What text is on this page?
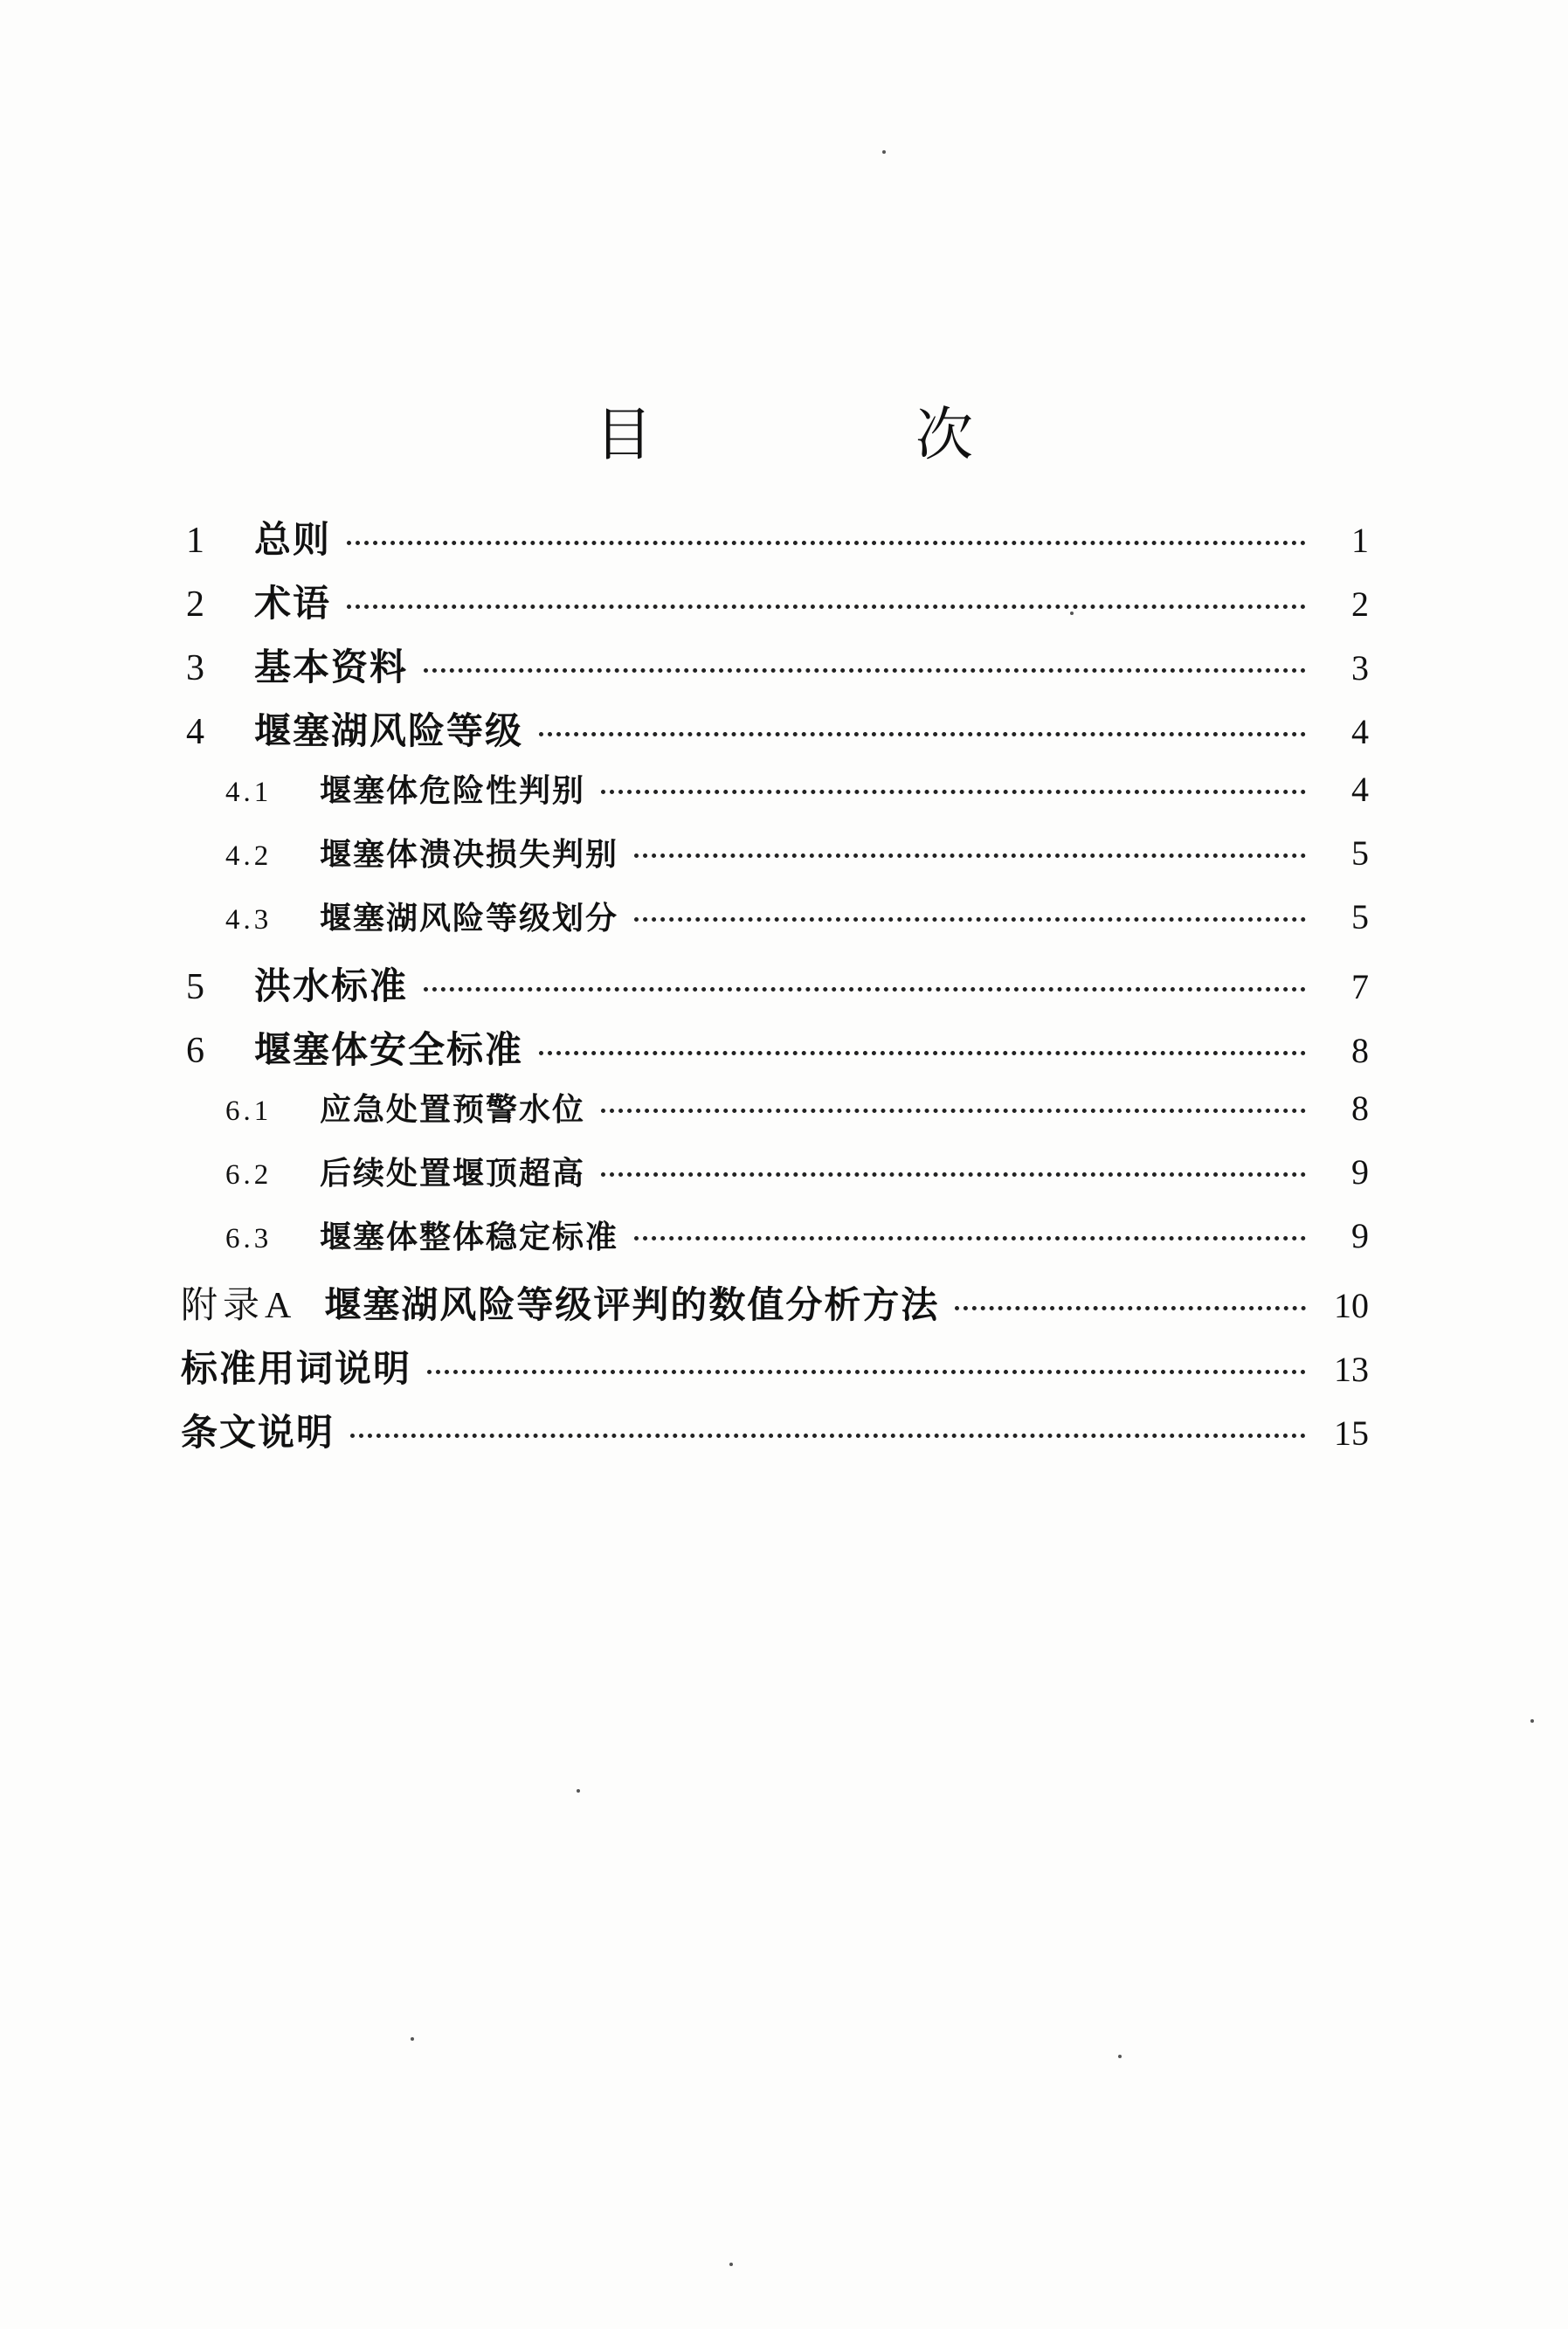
目 次
1	总则	1
2	术语	2
3	基本资料	3
4	堰塞湖风险等级	4
4.1	堰塞体危险性判别	4
4.2	堰塞体溃决损失判别	5
4.3	堰塞湖风险等级划分	5
5	洪水标准	7
6	堰塞体安全标准	8
6.1	应急处置预警水位	8
6.2	后续处置堰顶超高	9
6.3	堰塞体整体稳定标准	9
附录A 堰塞湖风险等级评判的数值分析方法	10
标准用词说明	13
条文说明	15
